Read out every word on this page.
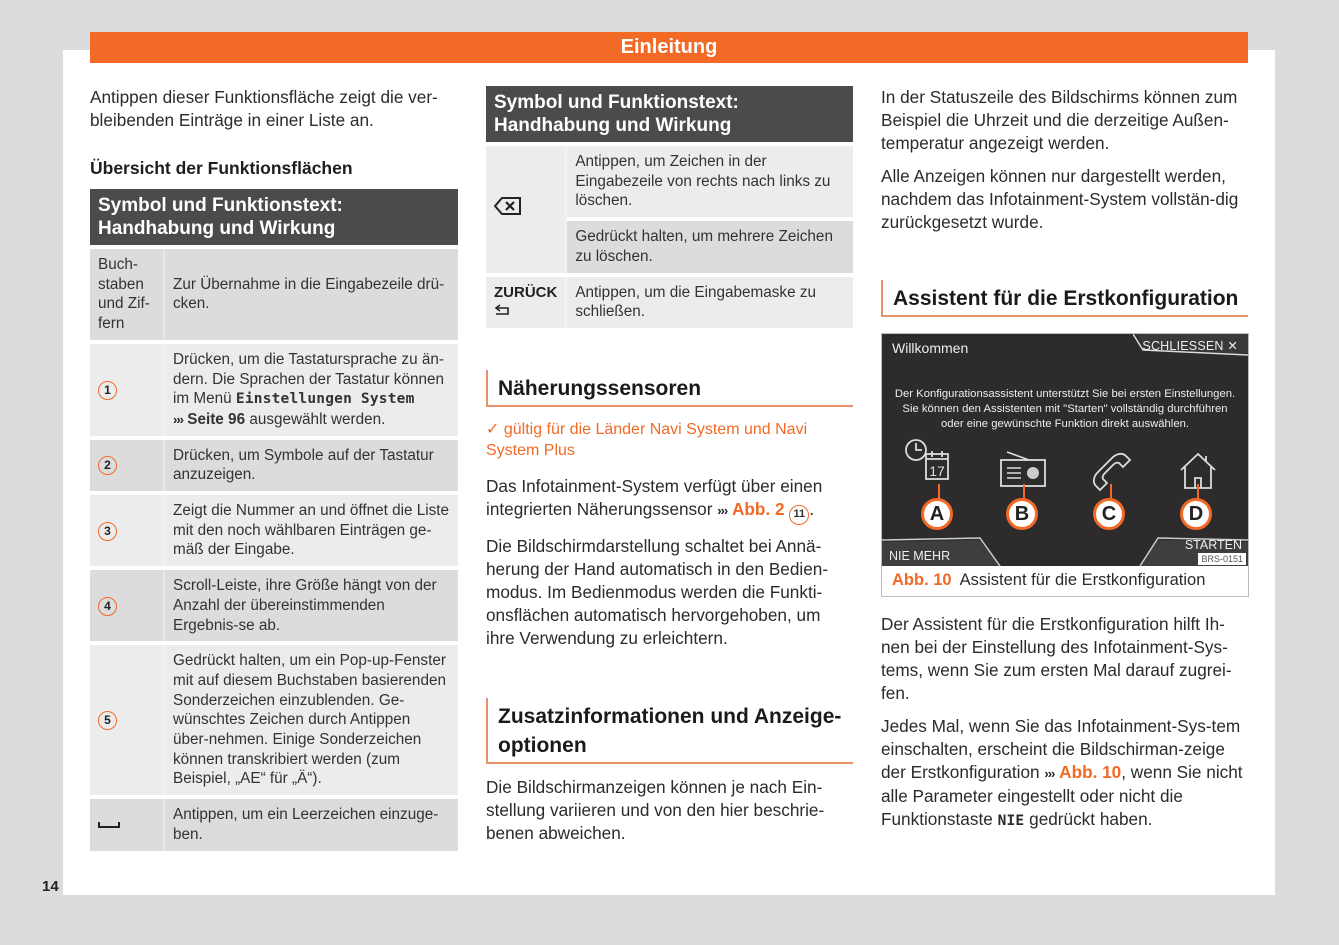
Einleitung

Antippen dieser Funktionsfläche zeigt die ver-bleibenden Einträge in einer Liste an.

Übersicht der Funktionsflächen
Symbol und Funktionstext: Handhabung und Wirkung	
Buch-staben und Zif-fern	Zur Übernahme in die Eingabezeile drü-cken.
1	Drücken, um die Tastatursprache zu än-dern. Die Sprachen der Tastatur können im Menü Einstellungen System
››› Seite 96 ausgewählt werden.
2	Drücken, um Symbole auf der Tastatur anzuzeigen.
3	Zeigt die Nummer an und öffnet die Liste mit den noch wählbaren Einträgen ge-mäß der Eingabe.
4	Scroll-Leiste, ihre Größe hängt von der Anzahl der übereinstimmenden Ergebnis-se ab.
5	Gedrückt halten, um ein Pop-up-Fenster mit auf diesem Buchstaben basierenden Sonderzeichen einzublenden. Ge-wünschtes Zeichen durch Antippen über-nehmen. Einige Sonderzeichen können transkribiert werden (zum Beispiel, „AE“ für „Ä“).
	Antippen, um ein Leerzeichen einzuge-ben.
Symbol und Funktionstext: Handhabung und Wirkung	
	Antippen, um Zeichen in der Eingabezeile von rechts nach links zu löschen.
	Gedrückt halten, um mehrere Zeichen zu löschen.

ZURÜCK	Antippen, um die Eingabemaske zu schließen.
Näherungssensoren
✓ gültig für die Länder Navi System und Navi System Plus

Das Infotainment-System verfügt über einen integrierten Näherungssensor ››› Abb. 2 11 .

Die Bildschirmdarstellung schaltet bei Annä-herung der Hand automatisch in den Bedien-modus. Im Bedienmodus werden die Funkti-onsflächen automatisch hervorgehoben, um ihre Verwendung zu erleichtern.

Zusatzinformationen und Anzeige-optionen

Die Bildschirmanzeigen können je nach Ein-stellung variieren und von den hier beschrie-benen abweichen.

In der Statuszeile des Bildschirms können zum Beispiel die Uhrzeit und die derzeitige Außen-temperatur angezeigt werden.

Alle Anzeigen können nur dargestellt werden, nachdem das Infotainment-System vollstän-dig zurückgesetzt wurde.

Assistent für die Erstkonfiguration
Willkommen	SCHLIESSEN ✕
Der Konfigurationsassistent unterstützt Sie bei ersten Einstellungen.
Sie können den Assistenten mit "Starten" vollständig durchführen
oder eine gewünschte Funktion direkt auswählen.
17
A	B	C	D
NIE MEHR
STARTEN
BRS-0151
Abb. 10 Assistent für die Erstkonfiguration

Der Assistent für die Erstkonfiguration hilft Ih-nen bei der Einstellung des Infotainment-Sys-tems, wenn Sie zum ersten Mal darauf zugrei-fen.

Jedes Mal, wenn Sie das Infotainment-Sys-tem einschalten, erscheint die Bildschirman-zeige der Erstkonfiguration ››› Abb. 10, wenn Sie nicht alle Parameter eingestellt oder nicht die Funktionstaste NIE gedrückt haben.

14
